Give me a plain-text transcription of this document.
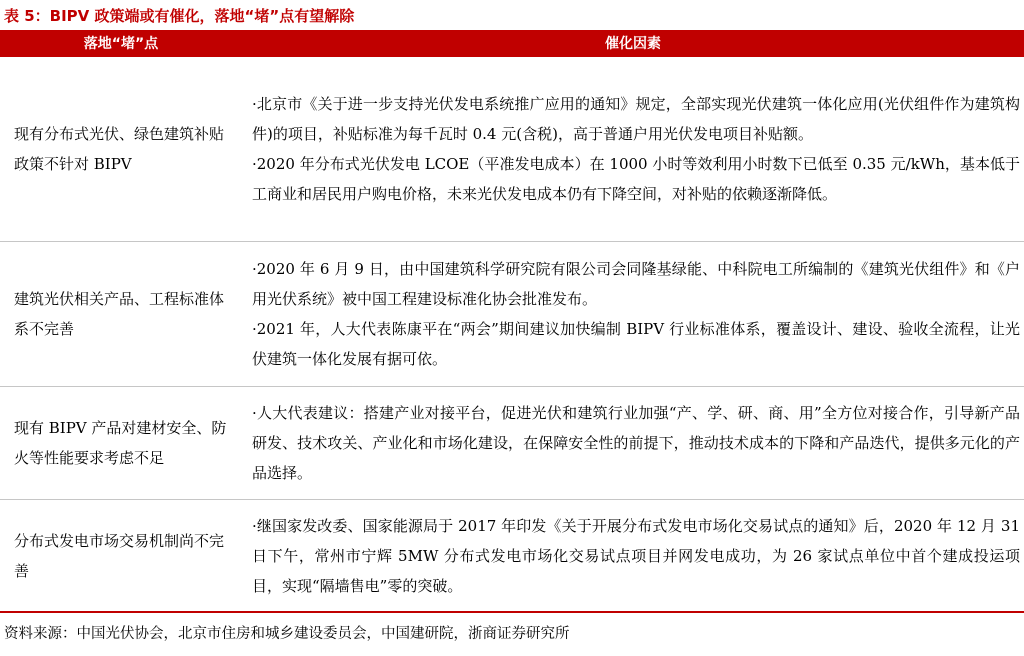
表 5：BIPV 政策端或有催化，落地“堵”点有望解除
落地“堵”点	催化因素
现有分布式光伏、绿色建筑补贴政策不针对 BIPV

·北京市《关于进一步支持光伏发电系统推广应用的通知》规定，全部实现光伏建筑一体化应用(光伏组件作为建筑构件)的项目，补贴标准为每千瓦时 0.4 元(含税)，高于普通户用光伏发电项目补贴额。

·2020 年分布式光伏发电 LCOE（平准发电成本）在 1000 小时等效利用小时数下已低至 0.35 元/kWh，基本低于工商业和居民用户购电价格，未来光伏发电成本仍有下降空间，对补贴的依赖逐渐降低。

建筑光伏相关产品、工程标准体系不完善

·2020 年 6 月 9 日，由中国建筑科学研究院有限公司会同隆基绿能、中科院电工所编制的《建筑光伏组件》和《户用光伏系统》被中国工程建设标准化协会批准发布。

·2021 年，人大代表陈康平在“两会”期间建议加快编制 BIPV 行业标准体系，覆盖设计、建设、验收全流程，让光伏建筑一体化发展有据可依。

现有 BIPV 产品对建材安全、防火等性能要求考虑不足

·人大代表建议：搭建产业对接平台，促进光伏和建筑行业加强“产、学、研、商、用”全方位对接合作，引导新产品研发、技术攻关、产业化和市场化建设，在保障安全性的前提下，推动技术成本的下降和产品迭代，提供多元化的产品选择。

分布式发电市场交易机制尚不完善

·继国家发改委、国家能源局于 2017 年印发《关于开展分布式发电市场化交易试点的通知》后，2020 年 12 月 31 日下午，常州市宁辉 5MW 分布式发电市场化交易试点项目并网发电成功，为 26 家试点单位中首个建成投运项目，实现“隔墙售电”零的突破。

资料来源：中国光伏协会，北京市住房和城乡建设委员会，中国建研院，浙商证券研究所
